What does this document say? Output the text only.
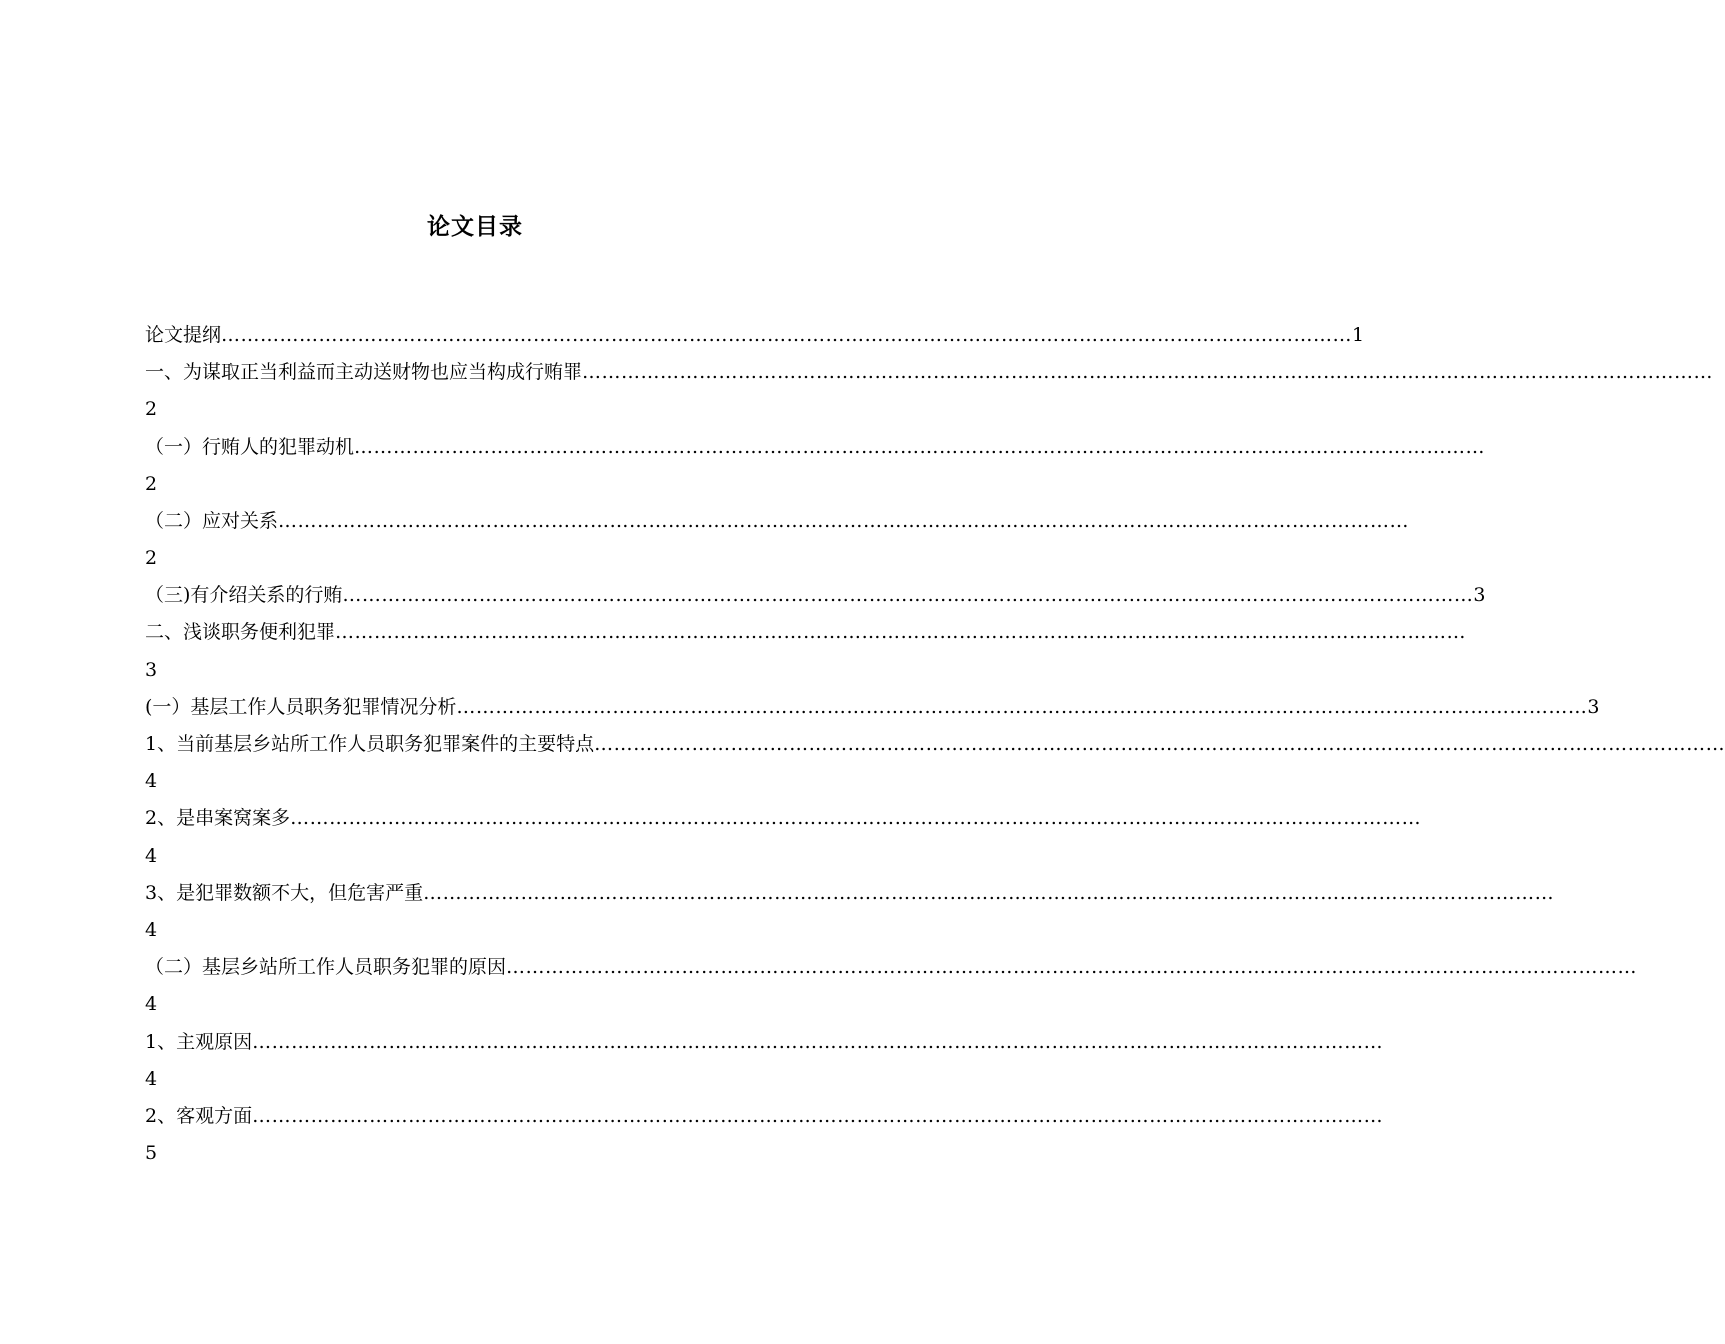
论文目录
论文提纲 ………………………………………………………………………………………………………………………………………………………… 1
一、为谋取正当利益而主动送财物也应当构成行贿罪 …………………………………………………………………………………………………………………………………………………………
2
（一）行贿人的犯罪动机 …………………………………………………………………………………………………………………………………………………………
2
（二）应对关系 …………………………………………………………………………………………………………………………………………………………
2
（三)有介绍关系的行贿 ………………………………………………………………………………………………………………………………………………………… 3
二、浅谈职务便利犯罪 …………………………………………………………………………………………………………………………………………………………
3
(一）基层工作人员职务犯罪情况分析 ………………………………………………………………………………………………………………………………………………………… 3
1、当前基层乡站所工作人员职务犯罪案件的主要特点 …………………………………………………………………………………………………………………………………………………………
4
2、是串案窝案多 …………………………………………………………………………………………………………………………………………………………
4
3、是犯罪数额不大，但危害严重 …………………………………………………………………………………………………………………………………………………………
4
（二）基层乡站所工作人员职务犯罪的原因 …………………………………………………………………………………………………………………………………………………………
4
1、主观原因 …………………………………………………………………………………………………………………………………………………………
4
2、客观方面 …………………………………………………………………………………………………………………………………………………………
5
